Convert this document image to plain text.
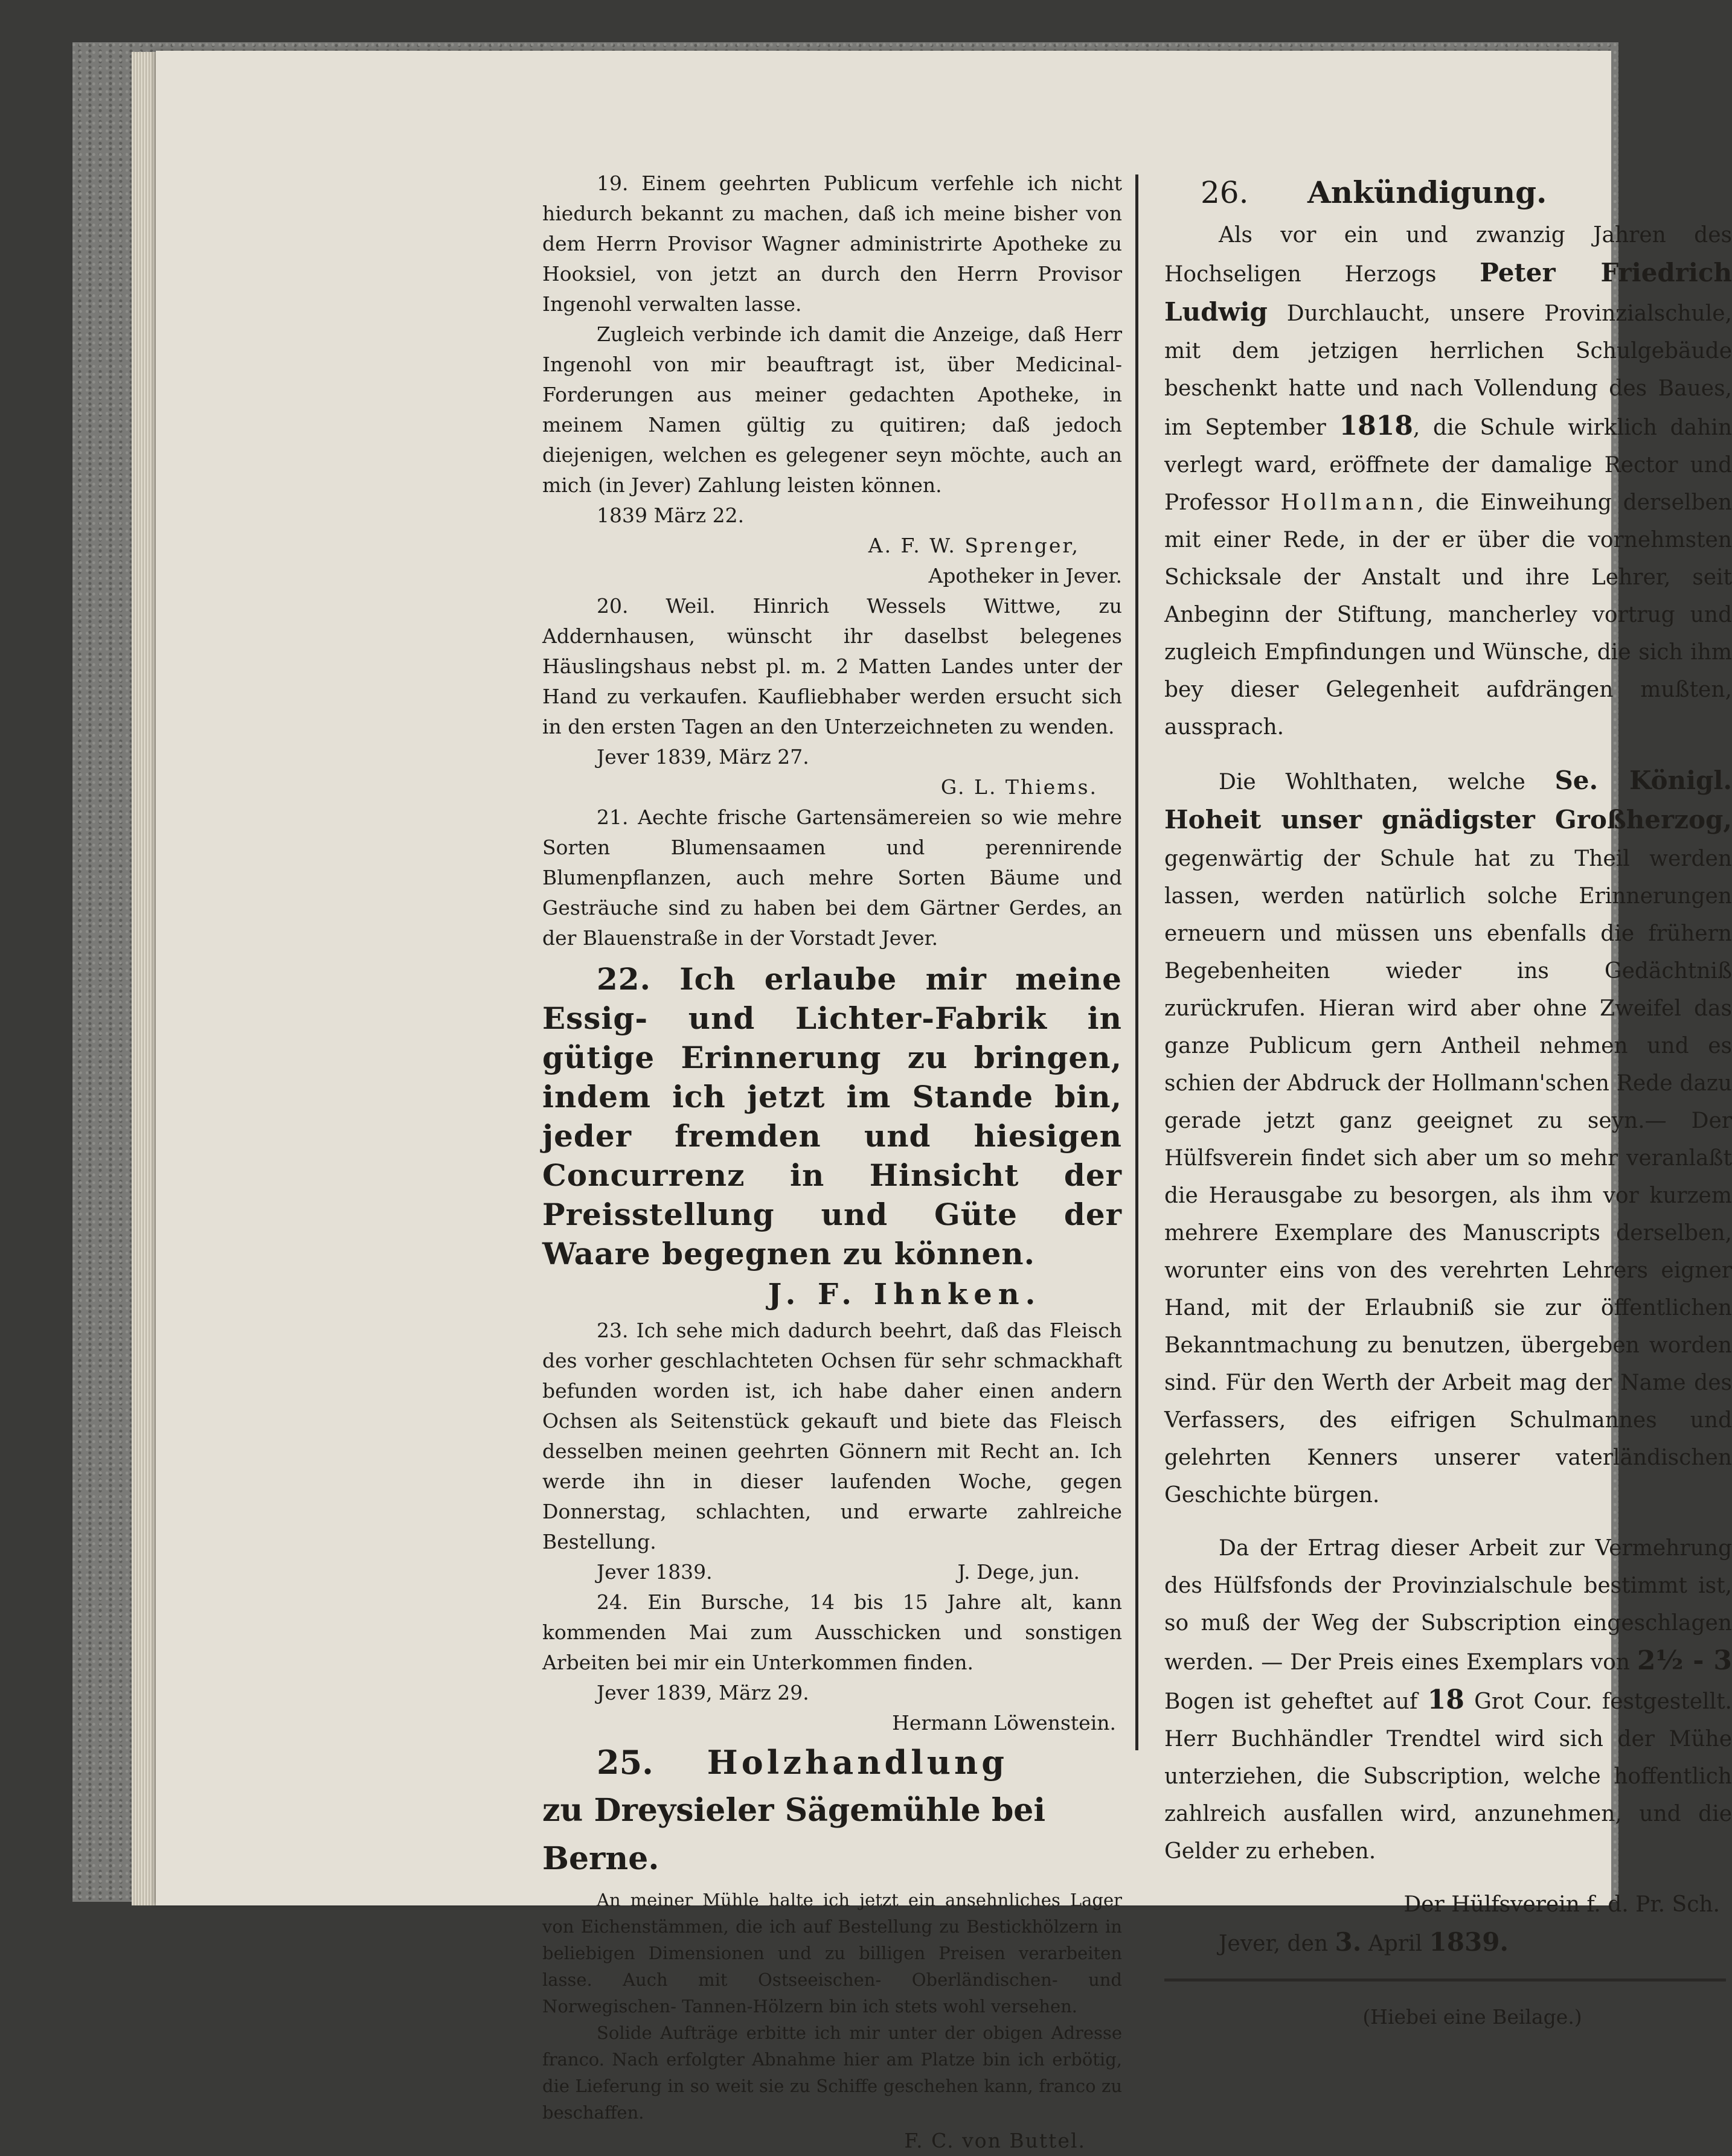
19. Einem geehrten Publicum verfehle ich nicht hiedurch bekannt zu machen, daß ich meine bisher von dem Herrn Provisor Wagner administrirte Apotheke zu Hooksiel, von jetzt an durch den Herrn Provisor Ingenohl verwalten lasse.

Zugleich verbinde ich damit die Anzeige, daß Herr Ingenohl von mir beauftragt ist, über Medicinal-Forderungen aus meiner gedachten Apotheke, in meinem Namen gültig zu quitiren; daß jedoch diejenigen, welchen es gelegener seyn möchte, auch an mich (in Jever) Zahlung leisten können.

1839 März 22.

A. F. W. Sprenger,

Apotheker in Jever.

20. Weil. Hinrich Wessels Wittwe, zu Addernhausen, wünscht ihr daselbst belegenes Häuslingshaus nebst pl. m. 2 Matten Landes unter der Hand zu verkaufen. Kaufliebhaber werden ersucht sich in den ersten Tagen an den Unterzeichneten zu wenden.

Jever 1839, März 27.

G. L. Thiems.

21. Aechte frische Gartensämereien so wie mehre Sorten Blumensaamen und perennirende Blumenpflanzen, auch mehre Sorten Bäume und Gesträuche sind zu haben bei dem Gärtner Gerdes, an der Blauenstraße in der Vorstadt Jever.

22. Ich erlaube mir meine Essig- und Lichter-Fabrik in gütige Erinnerung zu bringen, indem ich jetzt im Stande bin, jeder fremden und hiesigen Concurrenz in Hinsicht der Preisstellung und Güte der Waare begegnen zu können.

J. F. Ihnken.

23. Ich sehe mich dadurch beehrt, daß das Fleisch des vorher geschlachteten Ochsen für sehr schmackhaft befunden worden ist, ich habe daher einen andern Ochsen als Seitenstück gekauft und biete das Fleisch desselben meinen geehrten Gönnern mit Recht an. Ich werde ihn in dieser laufenden Woche, gegen Donnerstag, schlachten, und erwarte zahlreiche Bestellung.

Jever 1839.	J. Dege, jun.

24. Ein Bursche, 14 bis 15 Jahre alt, kann kommenden Mai zum Ausschicken und sonstigen Arbeiten bei mir ein Unterkommen finden.

Jever 1839, März 29.

Hermann Löwenstein.

25. Holzhandlung

zu Dreysieler Sägemühle bei Berne.

An meiner Mühle halte ich jetzt ein ansehnliches Lager von Eichenstämmen, die ich auf Bestellung zu Bestickhölzern in beliebigen Dimensionen und zu billigen Preisen verarbeiten lasse. Auch mit Ostseeischen- Oberländischen- und Norwegischen- Tannen-Hölzern bin ich stets wohl versehen.

Solide Aufträge erbitte ich mir unter der obigen Adresse franco. Nach erfolgter Abnahme hier am Platze bin ich erbötig, die Lieferung in so weit sie zu Schiffe geschehen kann, franco zu beschaffen.

F. C. von Buttel.

26. Ankündigung.

Als vor ein und zwanzig Jahren des Hochseligen Herzogs Peter Friedrich Ludwig Durchlaucht, unsere Provinzialschule, mit dem jetzigen herrlichen Schulgebäude beschenkt hatte und nach Vollendung des Baues, im September 1818, die Schule wirklich dahin verlegt ward, eröffnete der damalige Rector und Professor Hollmann, die Einweihung derselben mit einer Rede, in der er über die vornehmsten Schicksale der Anstalt und ihre Lehrer, seit Anbeginn der Stiftung, mancherley vortrug und zugleich Empfindungen und Wünsche, die sich ihm bey dieser Gelegenheit aufdrängen mußten, aussprach.

Die Wohlthaten, welche Se. Königl. Hoheit unser gnädigster Großherzog, gegenwärtig der Schule hat zu Theil werden lassen, werden natürlich solche Erinnerungen erneuern und müssen uns ebenfalls die frühern Begebenheiten wieder ins Gedächtniß zurückrufen. Hieran wird aber ohne Zweifel das ganze Publicum gern Antheil nehmen und es schien der Abdruck der Hollmann'schen Rede dazu gerade jetzt ganz geeignet zu seyn.— Der Hülfsverein findet sich aber um so mehr veranlaßt die Herausgabe zu besorgen, als ihm vor kurzem mehrere Exemplare des Manuscripts derselben, worunter eins von des verehrten Lehrers eigner Hand, mit der Erlaubniß sie zur öffentlichen Bekanntmachung zu benutzen, übergeben worden sind. Für den Werth der Arbeit mag der Name des Verfassers, des eifrigen Schulmannes und gelehrten Kenners unserer vaterländischen Geschichte bürgen.

Da der Ertrag dieser Arbeit zur Vermehrung des Hülfsfonds der Provinzialschule bestimmt ist, so muß der Weg der Subscription eingeschlagen werden. — Der Preis eines Exemplars von 2½ - 3 Bogen ist geheftet auf 18 Grot Cour. festgestellt. Herr Buchhändler Trendtel wird sich der Mühe unterziehen, die Subscription, welche hoffentlich zahlreich ausfallen wird, anzunehmen, und die Gelder zu erheben.

Der Hülfsverein f. d. Pr. Sch.

Jever, den 3. April 1839.

(Hiebei eine Beilage.)
